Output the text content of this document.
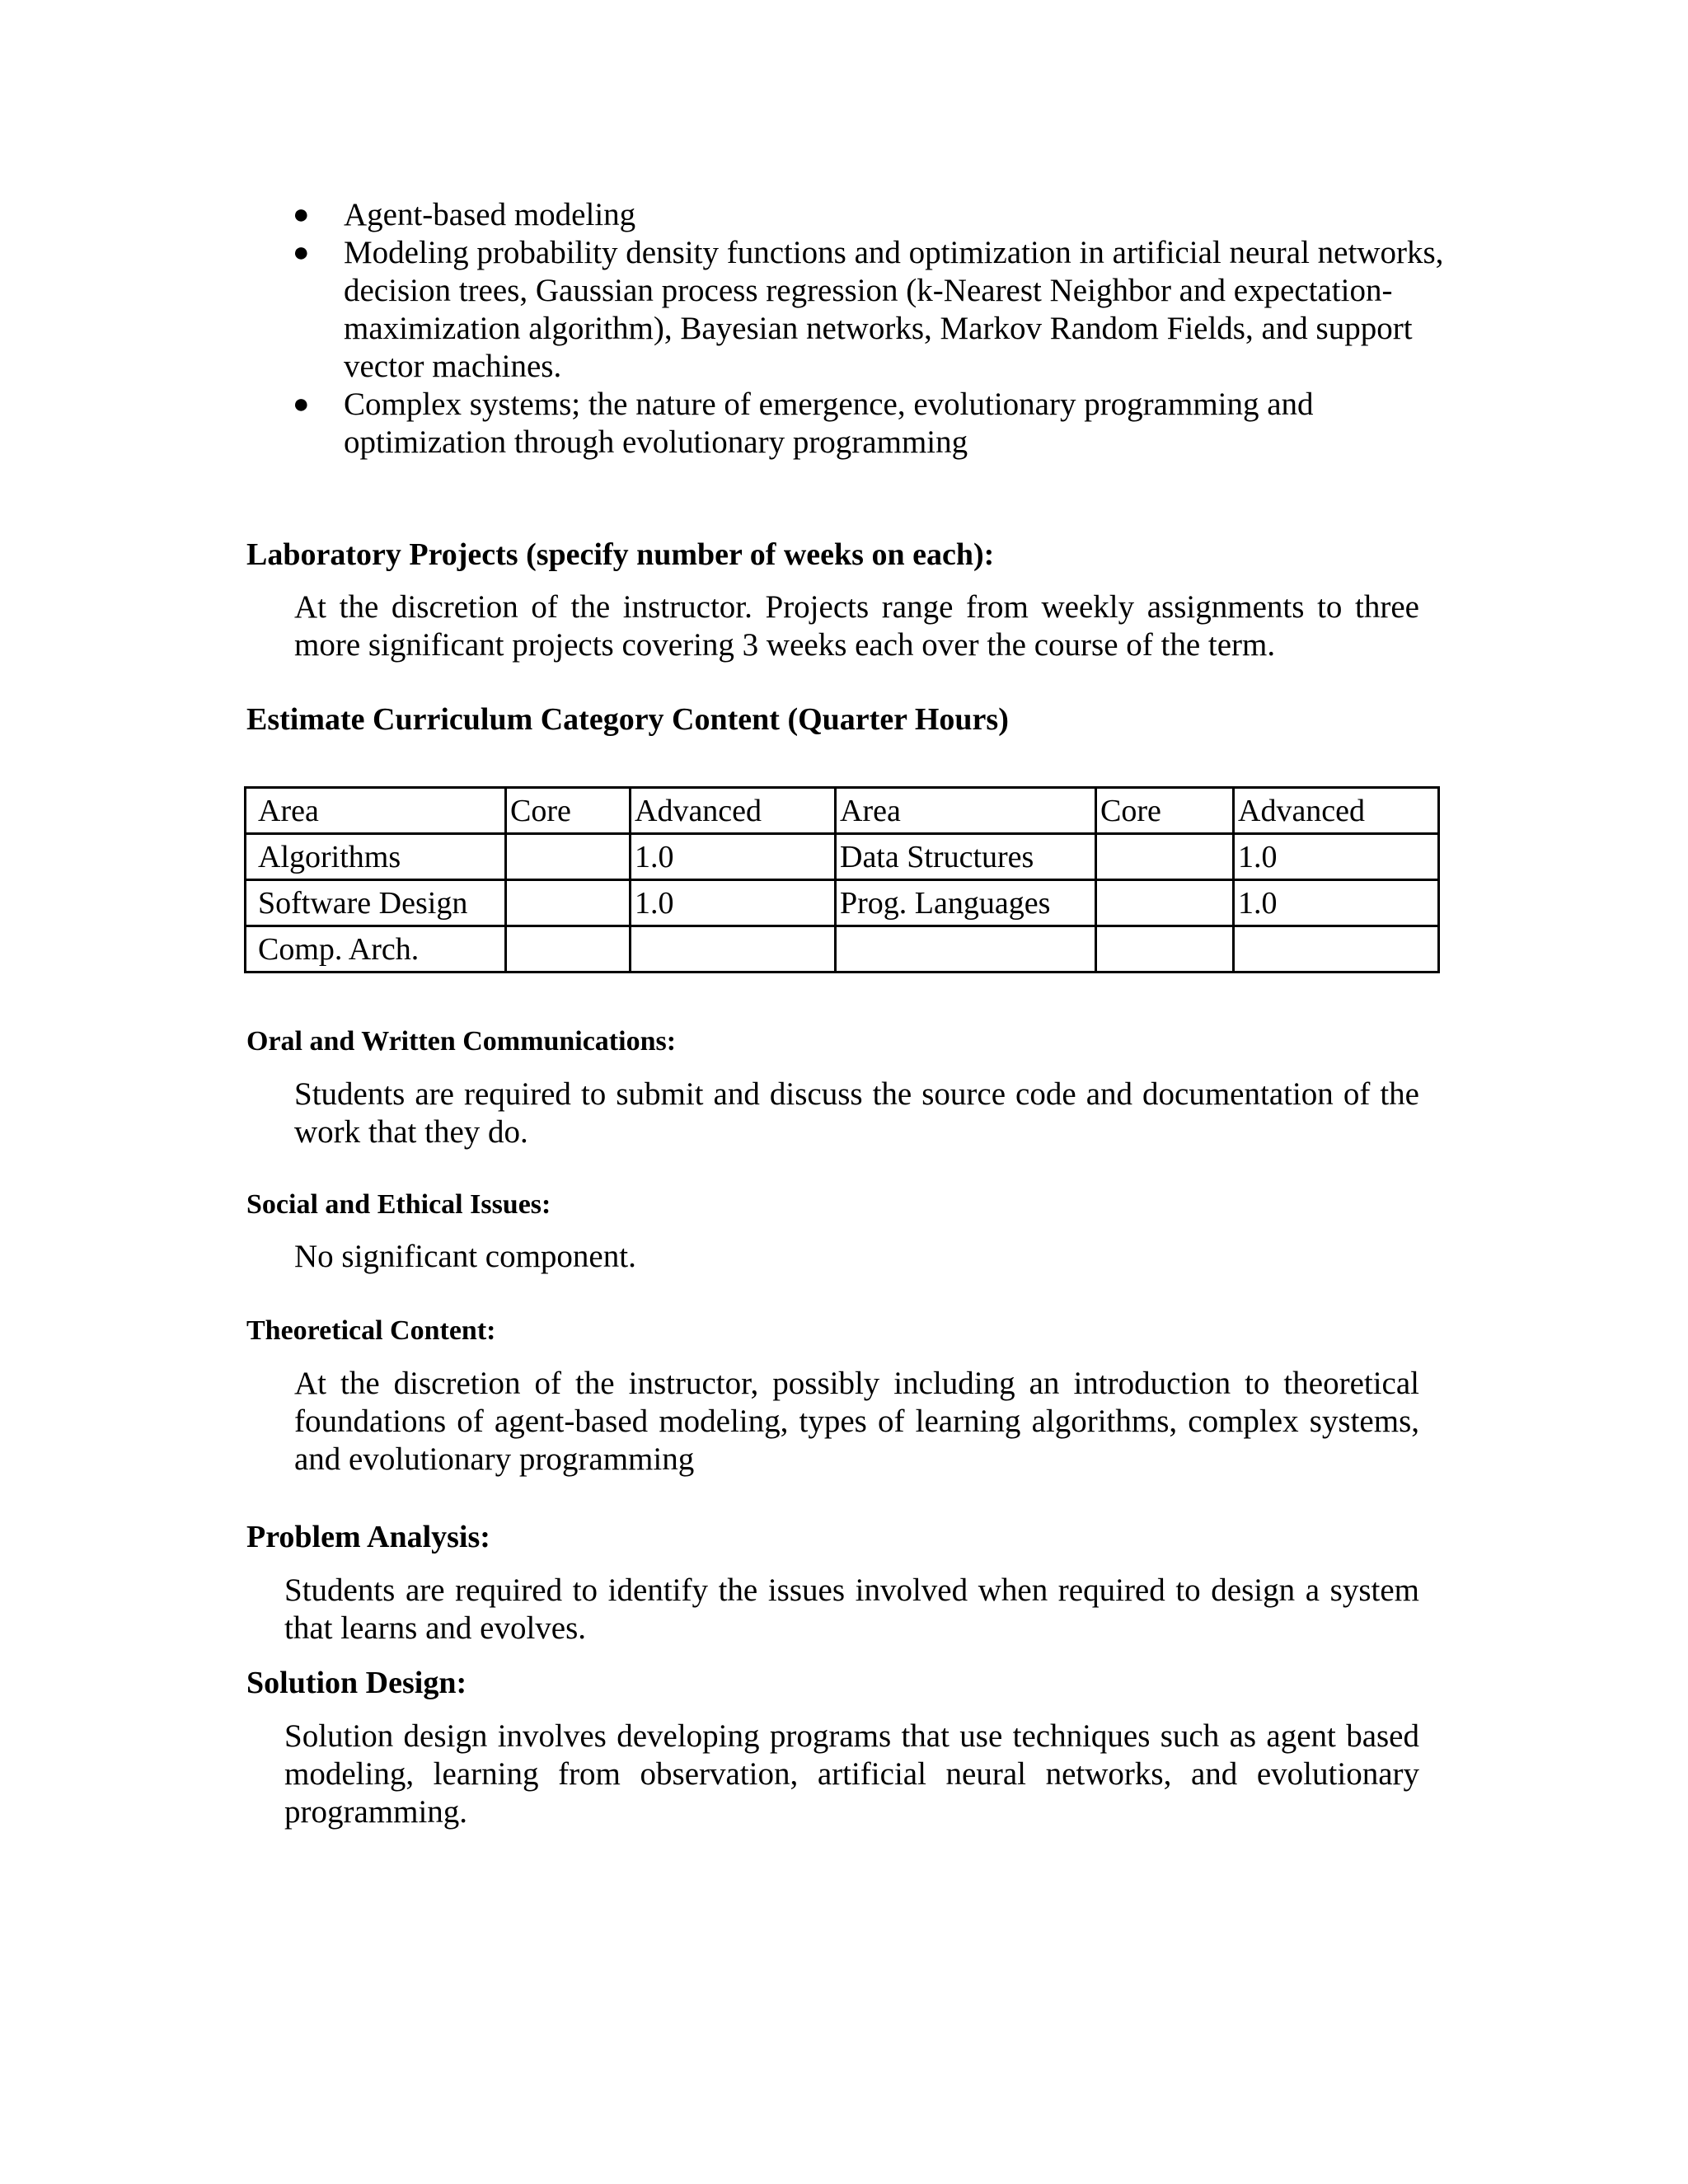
● Agent-based modeling
● Modeling probability density functions and optimization in artificial neural networks, decision trees, Gaussian process regression (k-Nearest Neighbor and expectation-maximization algorithm), Bayesian networks, Markov Random Fields, and support vector machines.
● Complex systems; the nature of emergence, evolutionary programming and optimization through evolutionary programming
Laboratory Projects (specify number of weeks on each):

At the discretion of the instructor. Projects range from weekly assignments to three more significant projects covering 3 weeks each over the course of the term.

Estimate Curriculum Category Content (Quarter Hours)
Area	Core	Advanced	Area	Core	Advanced
Algorithms		1.0	Data Structures		1.0
Software Design		1.0	Prog. Languages		1.0
Comp. Arch.					
Oral and Written Communications:

Students are required to submit and discuss the source code and documentation of the work that they do.

Social and Ethical Issues:

No significant component.

Theoretical Content:

At the discretion of the instructor, possibly including an introduction to theoretical foundations of agent-based modeling, types of learning algorithms, complex systems, and evolutionary programming

Problem Analysis:

Students are required to identify the issues involved when required to design a system that learns and evolves.

Solution Design:

Solution design involves developing programs that use techniques such as agent based modeling, learning from observation, artificial neural networks, and evolutionary programming.
